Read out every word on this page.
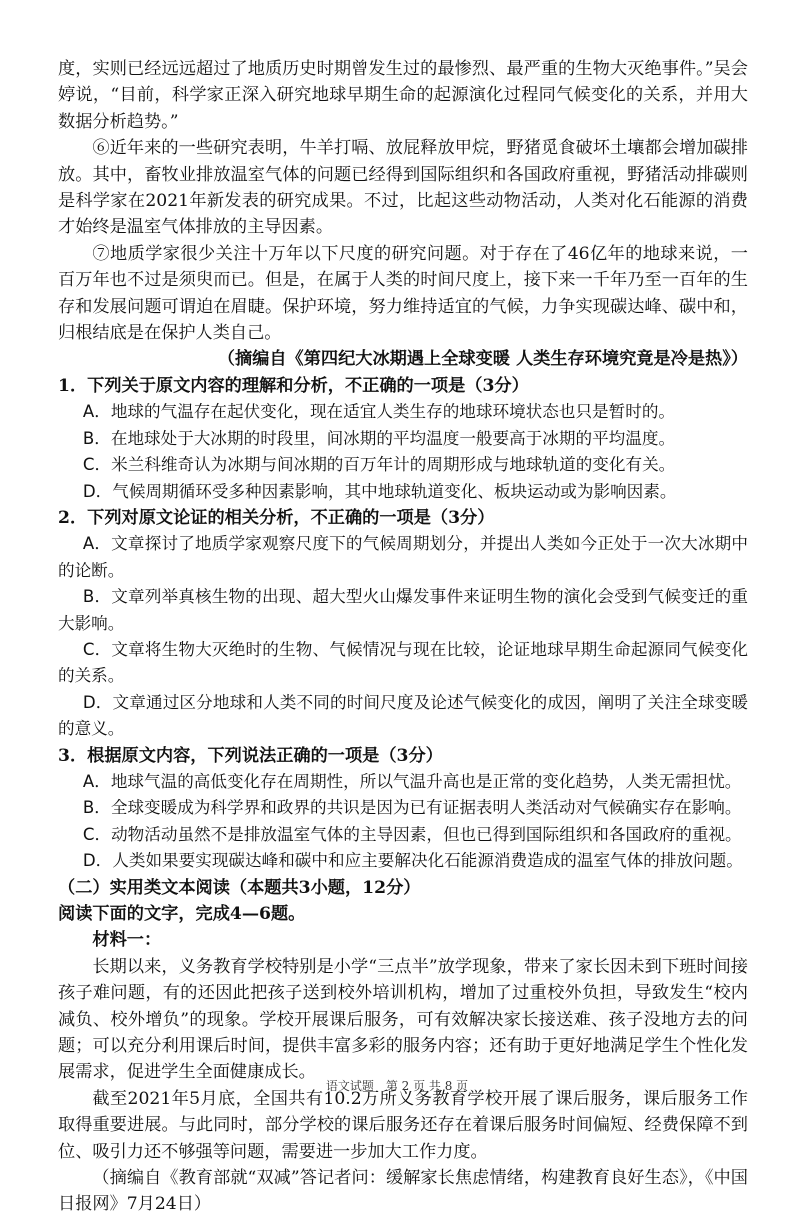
度，实则已经远远超过了地质历史时期曾发生过的最惨烈、最严重的生物大灭绝事件。”吴会婷说，“目前，科学家正深入研究地球早期生命的起源演化过程同气候变化的关系，并用大数据分析趋势。”

⑥近年来的一些研究表明，牛羊打嗝、放屁释放甲烷，野猪觅食破坏土壤都会增加碳排放。其中，畜牧业排放温室气体的问题已经得到国际组织和各国政府重视，野猪活动排碳则是科学家在2021年新发表的研究成果。不过，比起这些动物活动，人类对化石能源的消费才始终是温室气体排放的主导因素。

⑦地质学家很少关注十万年以下尺度的研究问题。对于存在了46亿年的地球来说，一百万年也不过是须臾而已。但是，在属于人类的时间尺度上，接下来一千年乃至一百年的生存和发展问题可谓迫在眉睫。保护环境，努力维持适宜的气候，力争实现碳达峰、碳中和，归根结底是在保护人类自己。

（摘编自《第四纪大冰期遇上全球变暖 人类生存环境究竟是冷是热》）

1．下列关于原文内容的理解和分析，不正确的一项是（3分）

A．地球的气温存在起伏变化，现在适宜人类生存的地球环境状态也只是暂时的。

B．在地球处于大冰期的时段里，间冰期的平均温度一般要高于冰期的平均温度。

C．米兰科维奇认为冰期与间冰期的百万年计的周期形成与地球轨道的变化有关。

D．气候周期循环受多种因素影响，其中地球轨道变化、板块运动或为影响因素。

2．下列对原文论证的相关分析，不正确的一项是（3分）

A．文章探讨了地质学家观察尺度下的气候周期划分，并提出人类如今正处于一次大冰期中的论断。

B．文章列举真核生物的出现、超大型火山爆发事件来证明生物的演化会受到气候变迁的重大影响。

C．文章将生物大灭绝时的生物、气候情况与现在比较，论证地球早期生命起源同气候变化的关系。

D．文章通过区分地球和人类不同的时间尺度及论述气候变化的成因，阐明了关注全球变暖的意义。

3．根据原文内容，下列说法正确的一项是（3分）

A．地球气温的高低变化存在周期性，所以气温升高也是正常的变化趋势，人类无需担忧。

B．全球变暖成为科学界和政界的共识是因为已有证据表明人类活动对气候确实存在影响。

C．动物活动虽然不是排放温室气体的主导因素，但也已得到国际组织和各国政府的重视。

D．人类如果要实现碳达峰和碳中和应主要解决化石能源消费造成的温室气体的排放问题。

（二）实用类文本阅读（本题共3小题，12分）

阅读下面的文字，完成4—6题。

材料一：

长期以来，义务教育学校特别是小学“三点半”放学现象，带来了家长因未到下班时间接孩子难问题，有的还因此把孩子送到校外培训机构，增加了过重校外负担，导致发生“校内减负、校外增负”的现象。学校开展课后服务，可有效解决家长接送难、孩子没地方去的问题；可以充分利用课后时间，提供丰富多彩的服务内容；还有助于更好地满足学生个性化发展需求，促进学生全面健康成长。

截至2021年5月底，全国共有10.2万所义务教育学校开展了课后服务，课后服务工作取得重要进展。与此同时，部分学校的课后服务还存在着课后服务时间偏短、经费保障不到位、吸引力还不够强等问题，需要进一步加大工作力度。

（摘编自《教育部就“双减”答记者问：缓解家长焦虑情绪，构建教育良好生态》，《中国日报网》7月24日）

语文试题　第 2 页 共 8 页
